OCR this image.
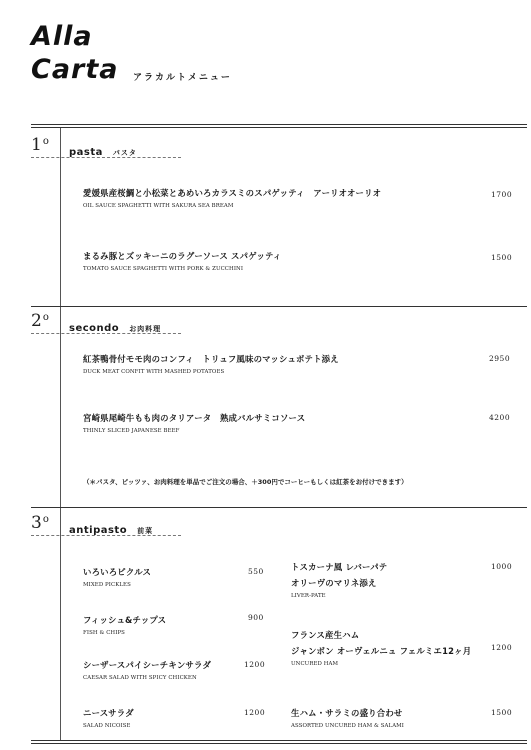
Alla
Carta アラカルトメニュー
1$^o$
pasta パスタ
愛媛県産桜鯛と小松菜とあめいろカラスミのスパゲッティ　アーリオオーリオ
OIL SAUCE SPAGHETTI WITH SAKURA SEA BREAM
1700
まるみ豚とズッキーニのラグーソース スパゲッティ
TOMATO SAUCE SPAGHETTI WITH PORK & ZUCCHINI
1500
2$^o$
secondo お肉料理
紅茶鴨骨付モモ肉のコンフィ　トリュフ風味のマッシュポテト添え
DUCK MEAT CONFIT WITH MASHED POTATOES
2950
宮崎県尾崎牛もも肉のタリアータ　熟成バルサミコソース
THINLY SLICED JAPANESE BEEF
4200
（＊パスタ、ピッツァ、お肉料理を単品でご注文の場合、＋300円でコーヒーもしくは紅茶をお付けできます）
3$^o$
antipasto 前菜
いろいろピクルス
MIXED PICKLES
550
フィッシュ&チップス
FISH & CHIPS
900
シーザースパイシーチキンサラダ
CAESAR SALAD WITH SPICY CHICKEN
1200
ニースサラダ
SALAD NICOISE
1200
トスカーナ風 レバーパテ
オリーヴのマリネ添え
LIVER-PATE
1000
フランス産生ハム
ジャンボン オーヴェルニュ フェルミエ12ヶ月
UNCURED HAM
1200
生ハム・サラミの盛り合わせ
ASSORTED UNCURED HAM & SALAMI
1500
